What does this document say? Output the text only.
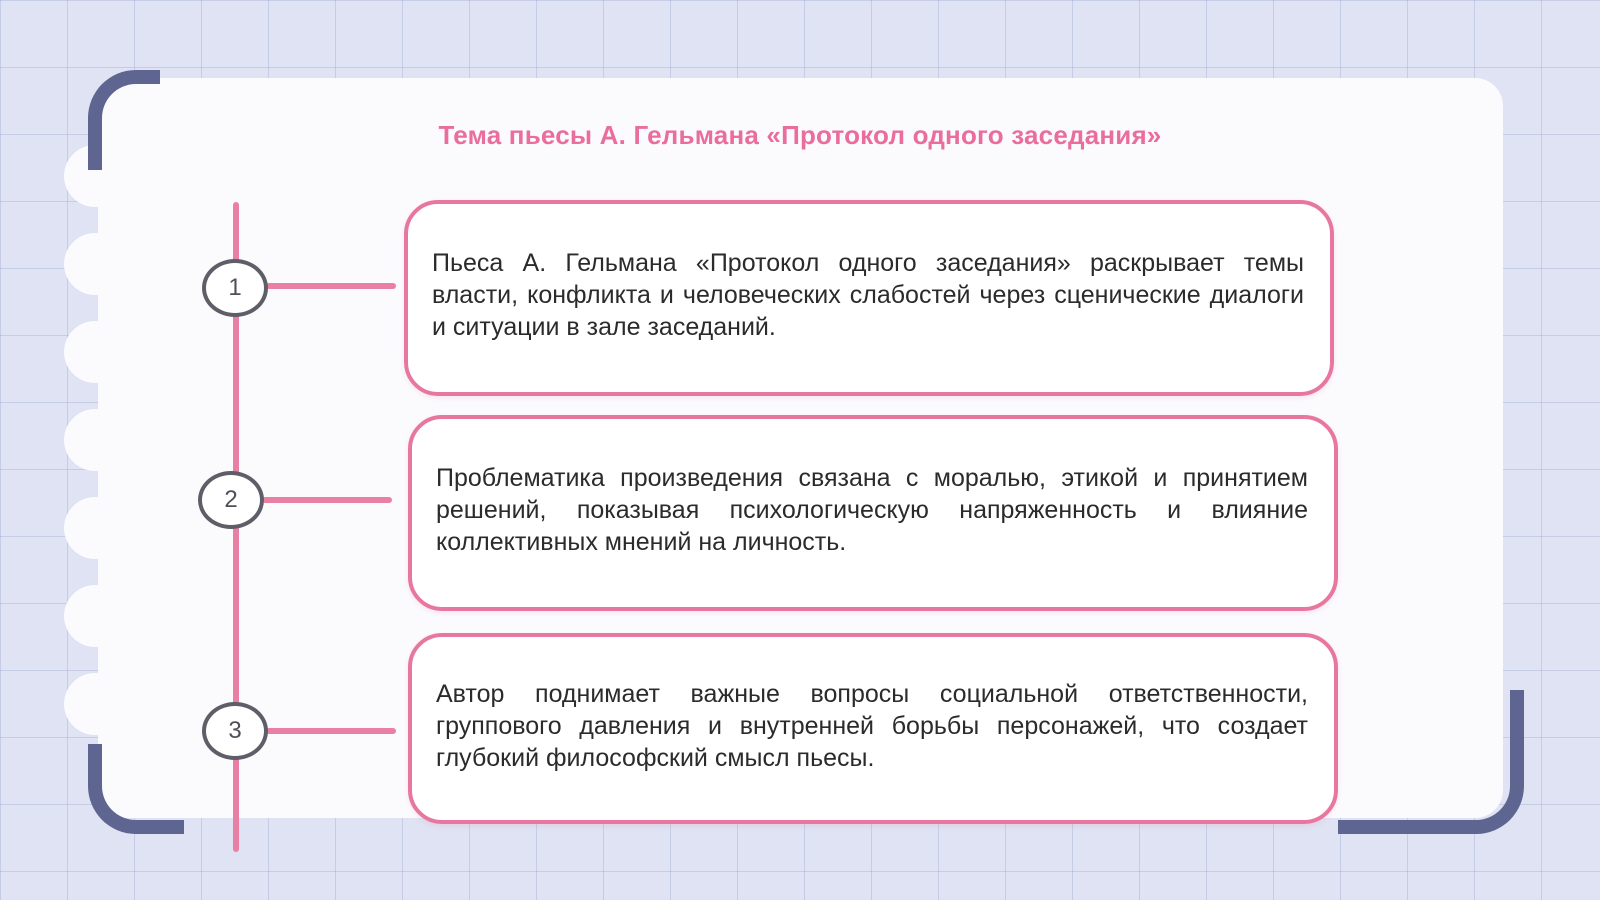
Тема пьесы А. Гельмана «Протокол одного заседания»
1
2
3
Пьеса А. Гельмана «Протокол одного заседания» раскрывает темы власти, конфликта и человеческих слабостей через сценические диалоги и ситуации в зале заседаний.
Проблематика произведения связана с моралью, этикой и принятием решений, показывая психологическую напряженность и влияние коллективных мнений на личность.
Автор поднимает важные вопросы социальной ответственности, группового давления и внутренней борьбы персонажей, что создает глубокий философский смысл пьесы.
